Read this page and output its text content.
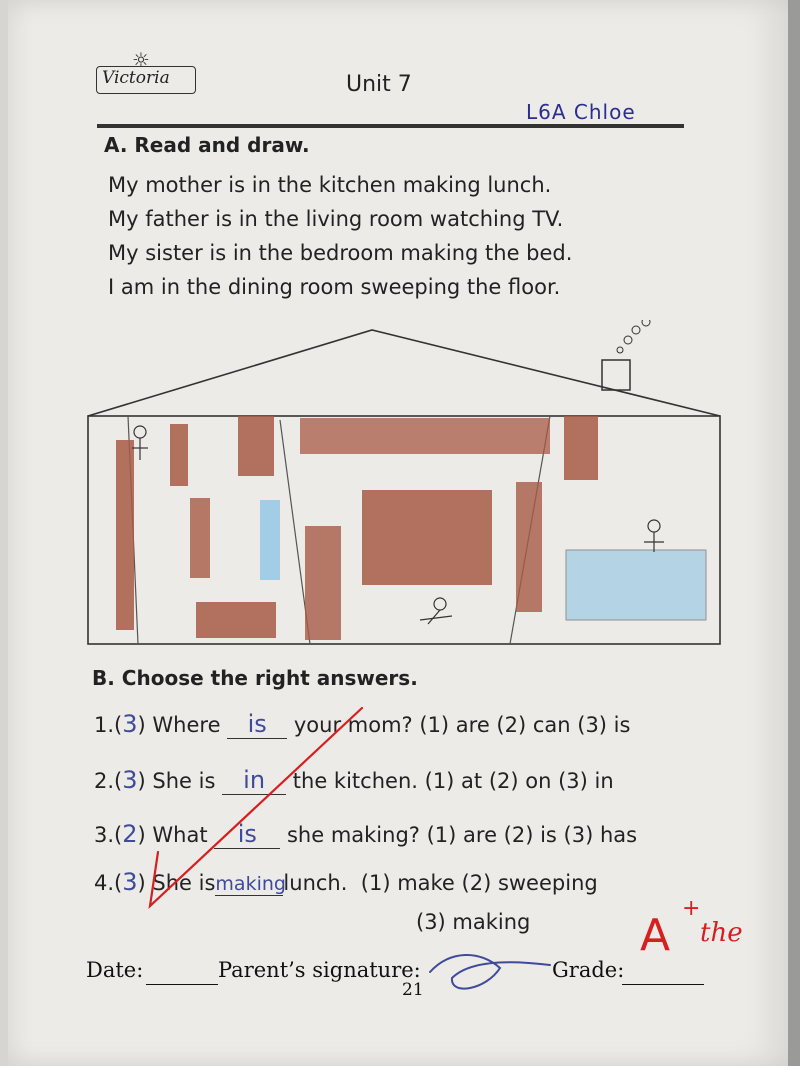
☼
Victoria	Unit 7
L6A Chloe
A. Read and draw.
My mother is in the kitchen making lunch.
My father is in the living room watching TV.
My sister is in the bedroom making the bed.
I am in the dining room sweeping the floor.
B. Choose the right answers.
1.(3) Where is your mom? (1) are (2) can (3) is
2.(3) She is in the kitchen. (1) at (2) on (3) in
3.(2) What is she making? (1) are (2) is (3) has
4.(3) She ismakinglunch. (1) make (2) sweeping
(3) making
Date:	Parent’s signature:	Grade:
21
A
+
the
